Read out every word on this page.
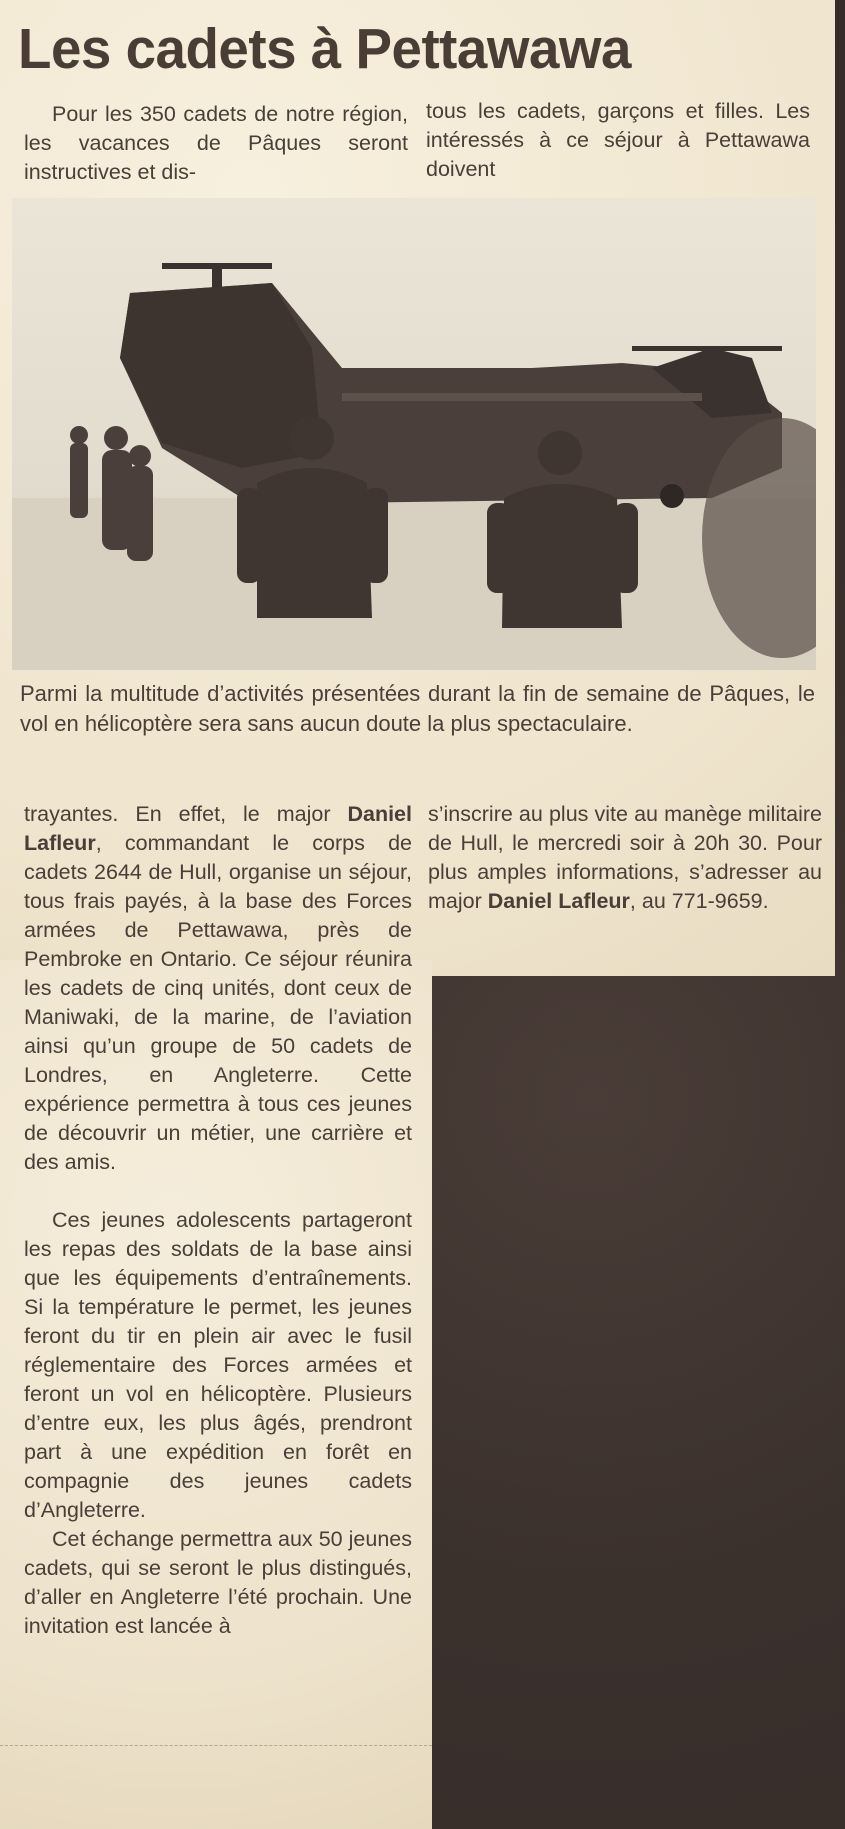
Les cadets à Pettawawa

Pour les 350 cadets de notre région, les vacances de Pâques seront instructives et dis-

tous les cadets, garçons et filles. Les intéressés à ce séjour à Pettawawa doivent

Parmi la multitude d’activités présentées durant la fin de semaine de Pâques, le vol en hélicoptère sera sans aucun doute la plus spectaculaire.

trayantes. En effet, le major Daniel Lafleur, commandant le corps de cadets 2644 de Hull, organise un séjour, tous frais payés, à la base des Forces armées de Pettawawa, près de Pembroke en Ontario. Ce séjour réunira les cadets de cinq unités, dont ceux de Maniwaki, de la marine, de l’aviation ainsi qu’un groupe de 50 cadets de Londres, en Angleterre. Cette expérience permettra à tous ces jeunes de découvrir un métier, une carrière et des amis.

Ces jeunes adolescents partageront les repas des soldats de la base ainsi que les équipements d’entraînements. Si la température le permet, les jeunes feront du tir en plein air avec le fusil réglementaire des Forces armées et feront un vol en hélicoptère. Plusieurs d’entre eux, les plus âgés, prendront part à une expédition en forêt en compagnie des jeunes cadets d’Angleterre.

Cet échange permettra aux 50 jeunes cadets, qui se seront le plus distingués, d’aller en Angleterre l’été prochain. Une invitation est lancée à

s’inscrire au plus vite au manège militaire de Hull, le mercredi soir à 20h 30. Pour plus amples informations, s’adresser au major Daniel Lafleur, au 771-9659.
